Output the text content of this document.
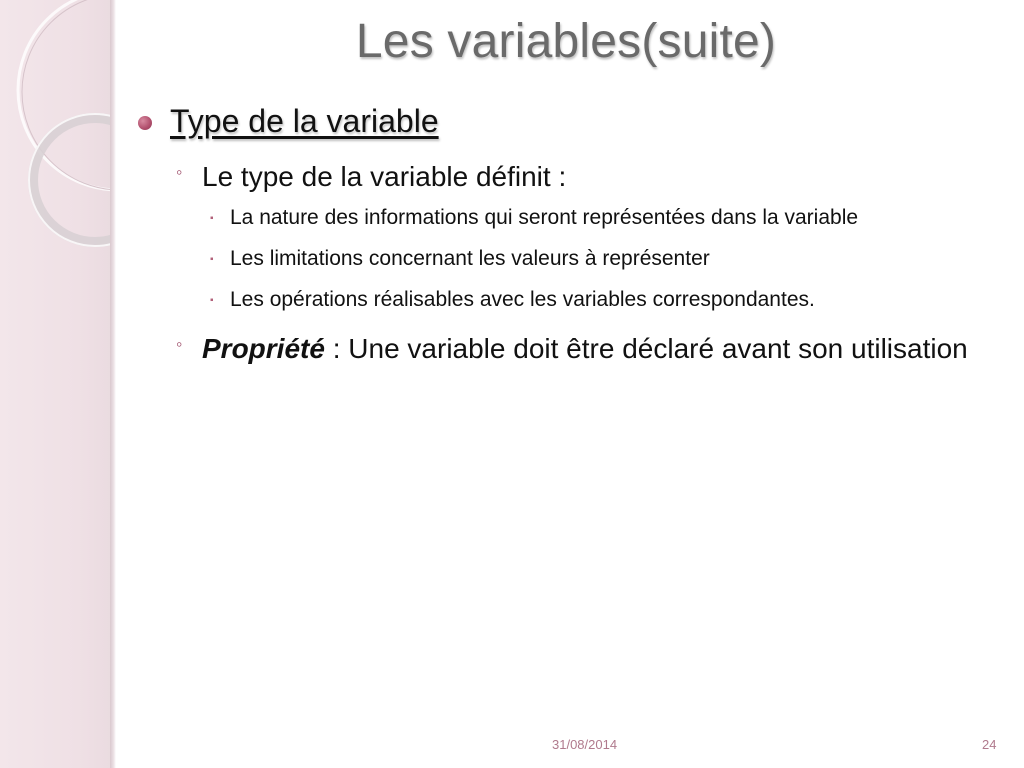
Les variables(suite)
Type de la variable
◦ Le type de la variable définit :
▪ La nature des informations qui seront représentées dans la variable
▪ Les limitations concernant les valeurs à représenter
▪ Les opérations réalisables avec les variables correspondantes.
◦ Propriété : Une variable doit être déclaré avant son utilisation
31/08/2014	24
